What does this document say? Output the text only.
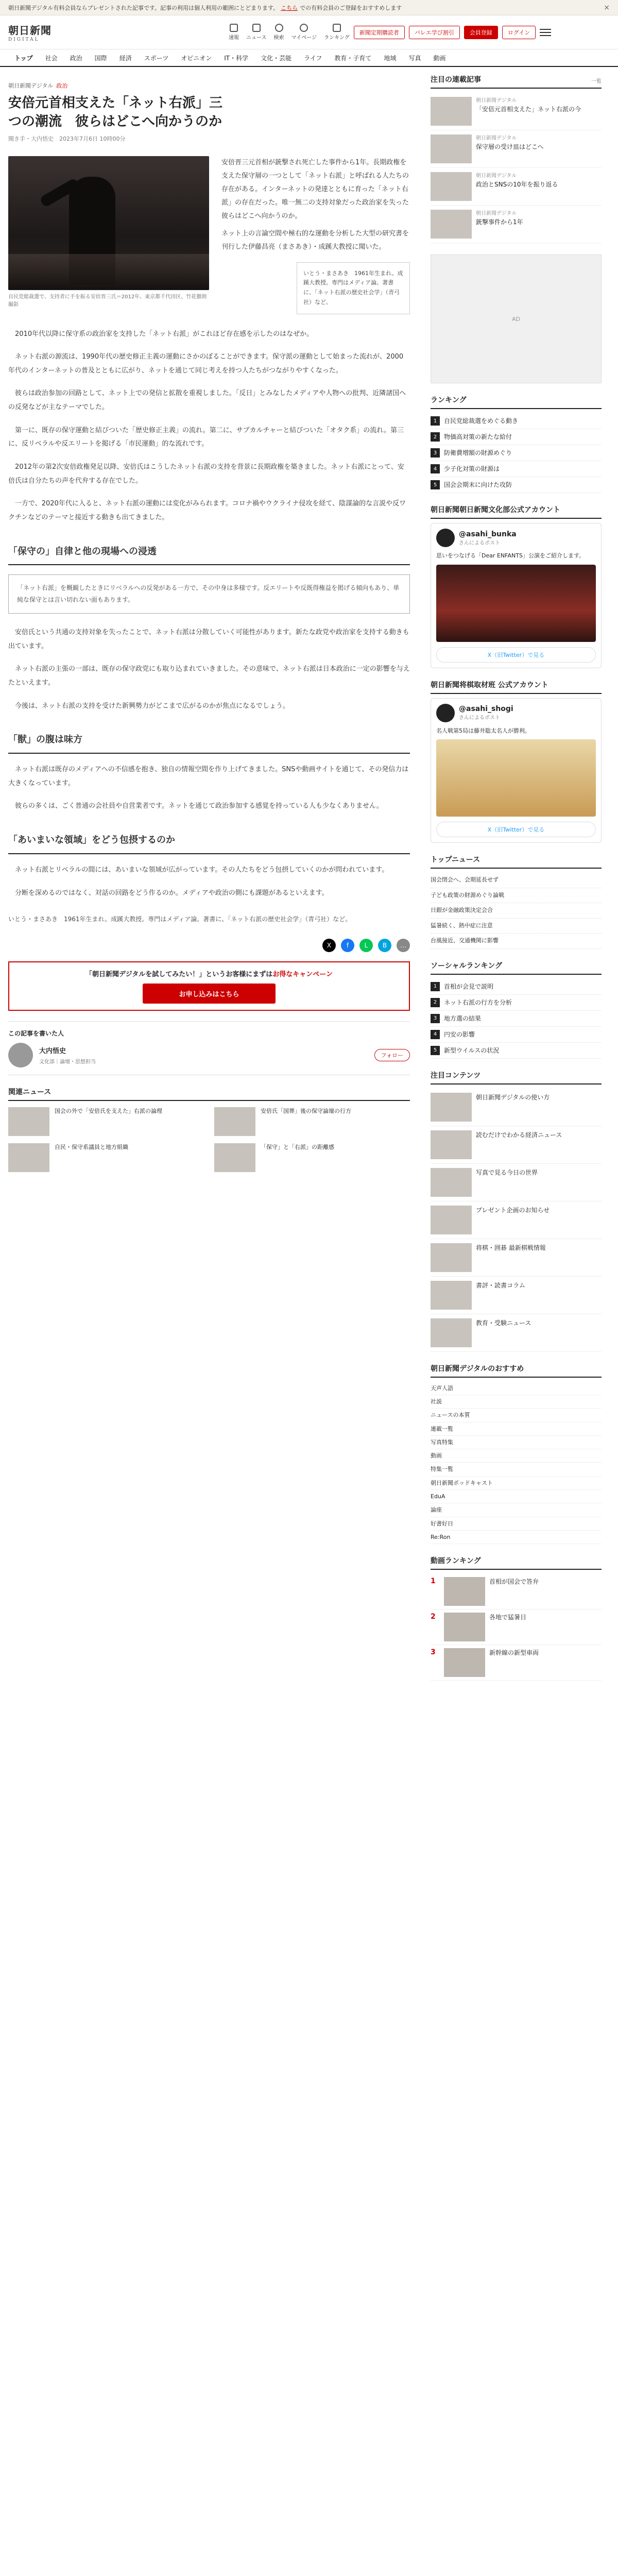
朝日新聞デジタル有料会員ならプレゼントされた記事です。記事の利用は個人利用の範囲にとどまります。 こちら での有料会員のご登録をおすすめします	×
朝日新聞
DIGITAL	速報 ニュース 検索 マイページ ランキング
新聞定期購読者	バレエ学び割引	会員登録	ログイン
トップ	社会	政治	国際	経済	スポーツ	オピニオン	IT・科学	文化・芸能	ライフ	教育・子育て	地域	写真	動画
朝日新聞デジタル 政治
安倍元首相支えた「ネット右派」三つの潮流　彼らはどこへ向かうのか
聞き手・大内悟史　2023年7月6日 10時00分
自民党総裁選で、支持者に手を振る安倍晋三氏＝2012年、東京都千代田区、竹花徹朗撮影

安倍晋三元首相が銃撃され死亡した事件から1年。長期政権を支えた保守層の一つとして「ネット右派」と呼ばれる人たちの存在がある。インターネットの発達とともに育った「ネット右派」の存在だった。唯一無二の支持対象だった政治家を失った彼らはどこへ向かうのか。

ネット上の言論空間や極右的な運動を分析した大型の研究書を刊行した伊藤昌亮（まさあき）・成蹊大教授に聞いた。

いとう・まさあき　1961年生まれ。成蹊大教授。専門はメディア論。著書に、「ネット右派の歴史社会学」（青弓社）など。

2010年代以降に保守系の政治家を支持した「ネット右派」がこれほど存在感を示したのはなぜか。

ネット右派の源流は、1990年代の歴史修正主義の運動にさかのぼることができます。保守派の運動として始まった流れが、2000年代のインターネットの普及とともに広がり、ネットを通じて同じ考えを持つ人たちがつながりやすくなった。

彼らは政治参加の回路として、ネット上での発信と拡散を重視しました。「反日」とみなしたメディアや人物への批判、近隣諸国への反発などが主なテーマでした。

第一に、既存の保守運動と結びついた「歴史修正主義」の流れ。第二に、サブカルチャーと結びついた「オタク系」の流れ。第三に、反リベラルや反エリートを掲げる「市民運動」的な流れです。

2012年の第2次安倍政権発足以降、安倍氏はこうしたネット右派の支持を背景に長期政権を築きました。ネット右派にとって、安倍氏は自分たちの声を代弁する存在でした。

一方で、2020年代に入ると、ネット右派の運動には変化がみられます。コロナ禍やウクライナ侵攻を経て、陰謀論的な言説や反ワクチンなどのテーマと接近する動きも出てきました。

「保守の」自律と他の現場への浸透
「ネット右派」を概観したときにリベラルへの反発がある一方で、その中身は多様です。反エリートや反既得権益を掲げる傾向もあり、単純な保守とは言い切れない面もあります。

安倍氏という共通の支持対象を失ったことで、ネット右派は分散していく可能性があります。新たな政党や政治家を支持する動きも出ています。

ネット右派の主張の一部は、既存の保守政党にも取り込まれていきました。その意味で、ネット右派は日本政治に一定の影響を与えたといえます。

今後は、ネット右派の支持を受けた新興勢力がどこまで広がるのかが焦点になるでしょう。

「獣」の腹は味方

ネット右派は既存のメディアへの不信感を抱き、独自の情報空間を作り上げてきました。SNSや動画サイトを通じて、その発信力は大きくなっています。

彼らの多くは、ごく普通の会社員や自営業者です。ネットを通じて政治参加する感覚を持っている人も少なくありません。

「あいまいな領域」をどう包摂するのか

ネット右派とリベラルの間には、あいまいな領域が広がっています。その人たちをどう包摂していくのかが問われています。

分断を深めるのではなく、対話の回路をどう作るのか。メディアや政治の側にも課題があるといえます。

いとう・まさあき　1961年生まれ。成蹊大教授。専門はメディア論。著書に、「ネット右派の歴史社会学」（青弓社）など。
X	f	L	B	…
「朝日新聞デジタルを試してみたい！」というお客様にまずはお得なキャンペーン
お申し込みはこちら
この記事を書いた人
大内悟史
文化部｜論壇・思想担当
フォロー
関連ニュース
国会の外で「安倍氏を支えた」右派の論理	安倍氏「国葬」後の保守論壇の行方
自民・保守系議員と地方組織	「保守」と「右派」の距離感
注目の連載記事	一覧
朝日新聞デジタル
「安倍元首相支えた」ネット右派の今
朝日新聞デジタル
保守層の受け皿はどこへ
朝日新聞デジタル
政治とSNSの10年を振り返る
朝日新聞デジタル
銃撃事件から1年
AD
ランキング
1	自民党総裁選をめぐる動き
2	物価高対策の新たな給付
3	防衛費増額の財源めぐり
4	少子化対策の財源は
5	国会会期末に向けた攻防
朝日新聞朝日新聞文化部公式アカウント
@asahi_bunka
さんによるポスト
思いをつなげる「Dear ENFANTS」公演をご紹介します。
X（旧Twitter）で見る
朝日新聞将棋取材班 公式アカウント
@asahi_shogi
さんによるポスト
名人戦第5局は藤井聡太名人が勝利。
X（旧Twitter）で見る
トップニュース
国会閉会へ、会期延長せず
子ども政策の財源めぐり論戦
日銀が金融政策決定会合
猛暑続く、熱中症に注意
台風接近、交通機関に影響
ソーシャルランキング
1	首相が会見で説明
2	ネット右派の行方を分析
3	地方選の結果
4	円安の影響
5	新型ウイルスの状況
注目コンテンツ
朝日新聞デジタルの使い方
読むだけでわかる経済ニュース
写真で見る今日の世界
プレゼント企画のお知らせ
将棋・囲碁 最新棋戦情報
書評・読書コラム
教育・受験ニュース
朝日新聞デジタルのおすすめ
天声人語
社説
ニュースの本質
連載一覧
写真特集
動画
特集一覧
朝日新聞ポッドキャスト
EduA
論座
好書好日
Re:Ron
動画ランキング
1	首相が国会で答弁
2	各地で猛暑日
3	新幹線の新型車両
